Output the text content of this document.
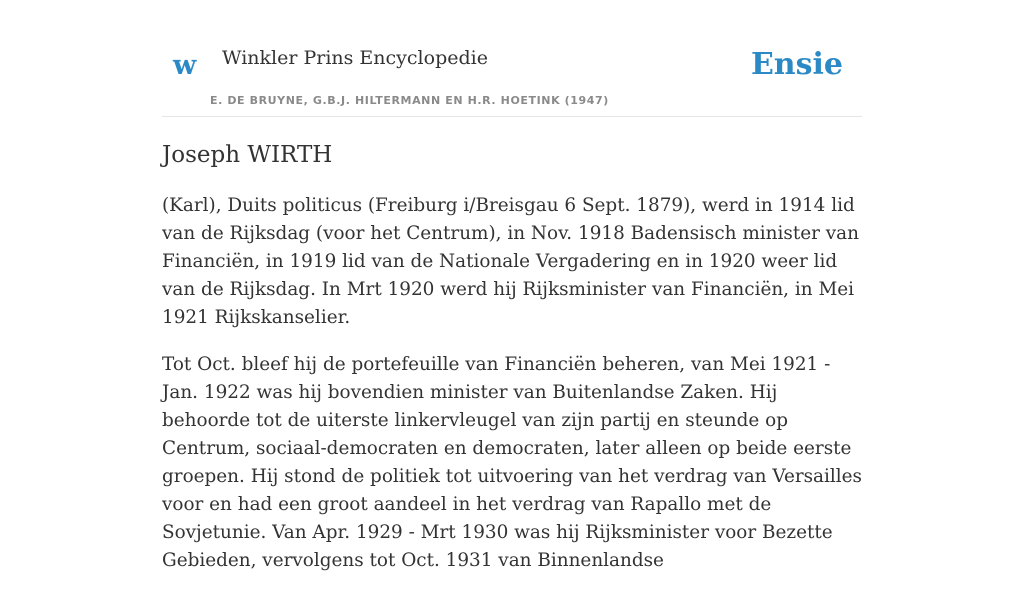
w Winkler Prins Encyclopedie
E. DE BRUYNE, G.B.J. HILTERMANN EN H.R. HOETINK (1947)
Ensie
Joseph WIRTH

(Karl), Duits politicus (Freiburg i/Breisgau 6 Sept. 1879), werd in 1914 lid van de Rijksdag (voor het Centrum), in Nov. 1918 Badensisch minister van Financiën, in 1919 lid van de Nationale Vergadering en in 1920 weer lid van de Rijksdag. In Mrt 1920 werd hij Rijksminister van Financiën, in Mei 1921 Rijkskanselier.

Tot Oct. bleef hij de portefeuille van Financiën beheren, van Mei 1921 - Jan. 1922 was hij bovendien minister van Buitenlandse Zaken. Hij behoorde tot de uiterste linkervleugel van zijn partij en steunde op Centrum, sociaal-democraten en democraten, later alleen op beide eerste groepen. Hij stond de politiek tot uitvoering van het verdrag van Versailles voor en had een groot aandeel in het verdrag van Rapallo met de Sovjetunie. Van Apr. 1929 - Mrt 1930 was hij Rijksminister voor Bezette Gebieden, vervolgens tot Oct. 1931 van Binnenlandse
